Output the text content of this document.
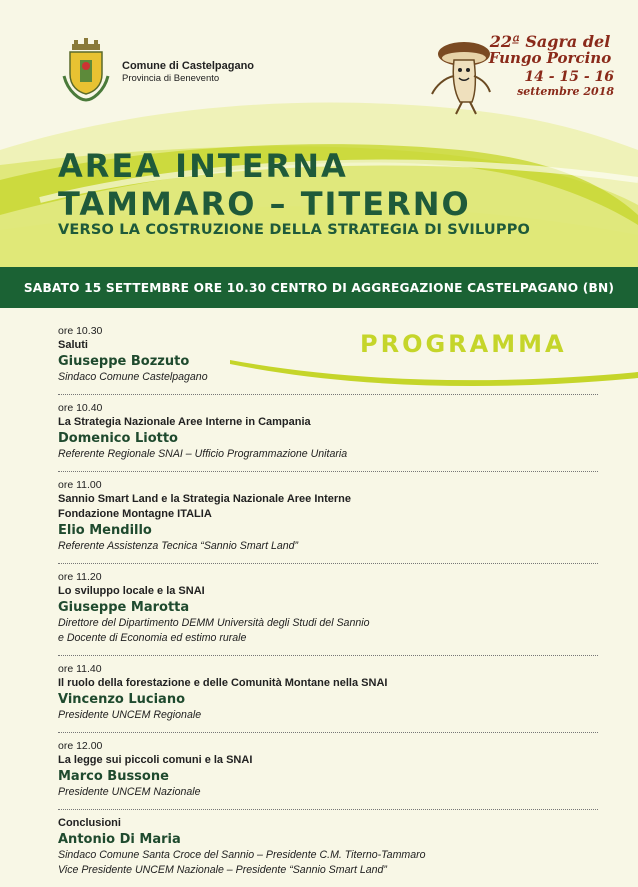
Comune di Castelpagano
Provincia di Benevento
22ª Sagra del
Fungo Porcino
14 - 15 - 16
settembre 2018
AREA INTERNA
TAMMARO – TITERNO
VERSO LA COSTRUZIONE DELLA STRATEGIA DI SVILUPPO
SABATO 15 SETTEMBRE ORE 10.30 CENTRO DI AGGREGAZIONE CASTELPAGANO (BN)
PROGRAMMA
ore 10.30
Saluti
Giuseppe Bozzuto
Sindaco Comune Castelpagano
ore 10.40
La Strategia Nazionale Aree Interne in Campania
Domenico Liotto
Referente Regionale SNAI – Ufficio Programmazione Unitaria
ore 11.00
Sannio Smart Land e la Strategia Nazionale Aree Interne
Fondazione Montagne ITALIA
Elio Mendillo
Referente Assistenza Tecnica “Sannio Smart Land”
ore 11.20
Lo sviluppo locale e la SNAI
Giuseppe Marotta
Direttore del Dipartimento DEMM Università degli Studi del Sannio
e Docente di Economia ed estimo rurale
ore 11.40
Il ruolo della forestazione e delle Comunità Montane nella SNAI
Vincenzo Luciano
Presidente UNCEM Regionale
ore 12.00
La legge sui piccoli comuni e la SNAI
Marco Bussone
Presidente UNCEM Nazionale
Conclusioni
Antonio Di Maria
Sindaco Comune Santa Croce del Sannio – Presidente C.M. Titerno-Tammaro
Vice Presidente UNCEM Nazionale – Presidente “Sannio Smart Land”
